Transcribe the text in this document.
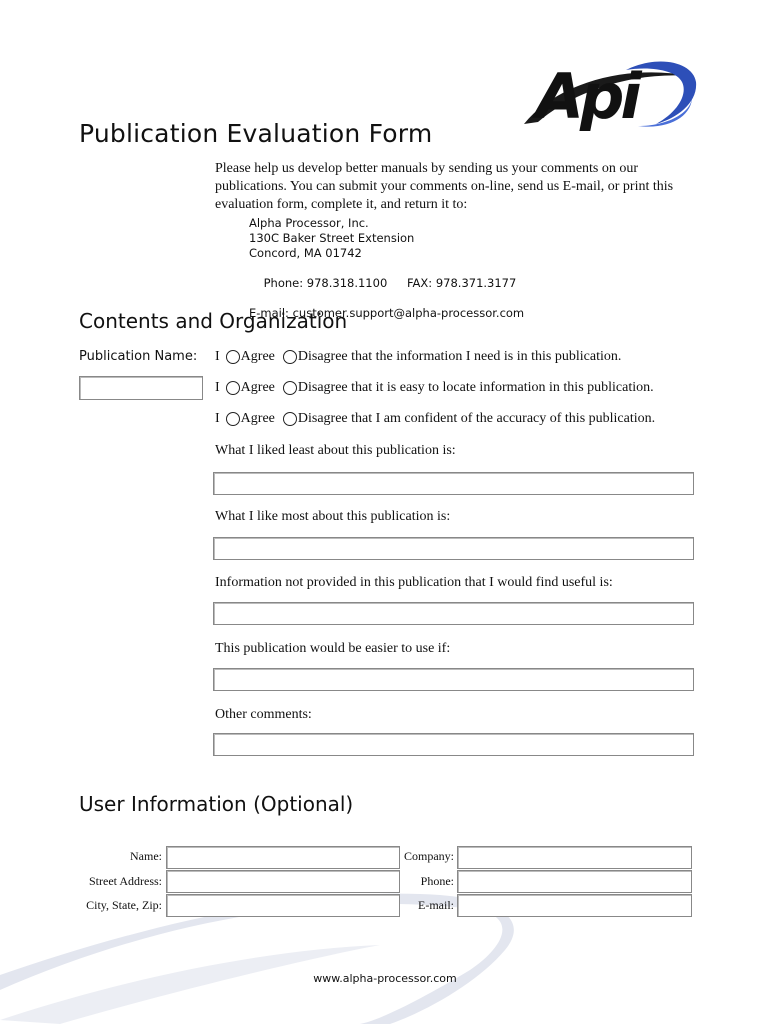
Api
Publication Evaluation Form
Please help us develop better manuals by sending us your comments on our publications. You can submit your comments on-line, send us E-mail, or print this evaluation form, complete it, and return it to:
Alpha Processor, Inc.
130C Baker Street Extension
Concord, MA 01742

Phone: 978.318.1100 FAX: 978.371.3177

E-mail: customer.support@alpha-processor.com
Contents and Organization
Publication Name: I Agree Disagree that the information I need is in this publication.
I Agree Disagree that it is easy to locate information in this publication.
I Agree Disagree that I am confident of the accuracy of this publication.
What I liked least about this publication is:
What I like most about this publication is:
Information not provided in this publication that I would find useful is:
This publication would be easier to use if:
Other comments:
User Information (Optional)
Name:
Street Address:
City, State, Zip:
Company:
Phone:
E-mail:
www.alpha-processor.com
